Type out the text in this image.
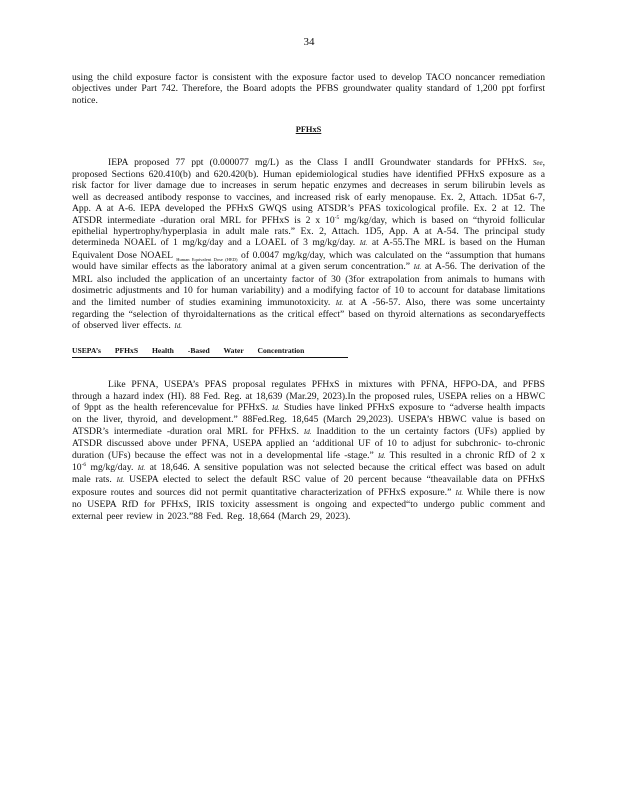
34

using the child exposure factor is consistent with the exposure factor used to develop TACO noncancer remediation objectives under Part 742. Therefore, the Board adopts the PFBS groundwater quality standard of 1,200 ppt forfirst notice.

PFHxS

IEPA proposed 77 ppt (0.000077 mg/L) as the Class I andII Groundwater standards for PFHxS. See, proposed Sections 620.410(b) and 620.420(b). Human epidemiological studies have identified PFHxS exposure as a risk factor for liver damage due to increases in serum hepatic enzymes and decreases in serum bilirubin levels as well as decreased antibody response to vaccines, and increased risk of early menopause. Ex. 2, Attach. 1D5at 6-7, App. A at A-6. IEPA developed the PFHxS GWQS using ATSDR’s PFAS toxicological profile. Ex. 2 at 12. The ATSDR intermediate -duration oral MRL for PFHxS is 2 x $10^{-5}$ mg/kg/day, which is based on “thyroid follicular epithelial hypertrophy/hyperplasia in adult male rats.” Ex. 2, Attach. 1D5, App. A at A-54. The principal study determineda NOAEL of 1 mg/kg/day and a LOAEL of 3 mg/kg/day. Id. at A-55.The MRL is based on the Human Equivalent Dose NOAEL $_{Human Equivalent Dose (HED)}$ of 0.0047 mg/kg/day, which was calculated on the “assumption that humans would have similar effects as the laboratory animal at a given serum concentration.” Id. at A-56. The derivation of the MRL also included the application of an uncertainty factor of 30 (3for extrapolation from animals to humans with dosimetric adjustments and 10 for human variability) and a modifying factor of 10 to account for database limitations and the limited number of studies examining immunotoxicity. Id. at A -56-57. Also, there was some uncertainty regarding the “selection of thyroidalternations as the critical effect” based on thyroid alternations as secondaryeffects of observed liver effects. Id.

USEPA’s PFHxS Health -Based Water Concentration

Like PFNA, USEPA’s PFAS proposal regulates PFHxS in mixtures with PFNA, HFPO-DA, and PFBS through a hazard index (HI). 88 Fed. Reg. at 18,639 (Mar.29, 2023).In the proposed rules, USEPA relies on a HBWC of 9ppt as the health referencevalue for PFHxS. Id. Studies have linked PFHxS exposure to “adverse health impacts on the liver, thyroid, and development.” 88Fed.Reg. 18,645 (March 29,2023). USEPA’s HBWC value is based on ATSDR’s intermediate -duration oral MRL for PFHxS. Id. Inaddition to the un certainty factors (UFs) applied by ATSDR discussed above under PFNA, USEPA applied an ‘additional UF of 10 to adjust for subchronic- to-chronic duration (UFs) because the effect was not in a developmental life -stage.” Id. This resulted in a chronic RfD of 2 x $10^{-6}$ mg/kg/day. Id. at 18,646. A sensitive population was not selected because the critical effect was based on adult male rats. Id. USEPA elected to select the default RSC value of 20 percent because “theavailable data on PFHxS exposure routes and sources did not permit quantitative characterization of PFHxS exposure.” Id. While there is now no USEPA RfD for PFHxS, IRIS toxicity assessment is ongoing and expected“to undergo public comment and external peer review in 2023.”88 Fed. Reg. 18,664 (March 29, 2023).
